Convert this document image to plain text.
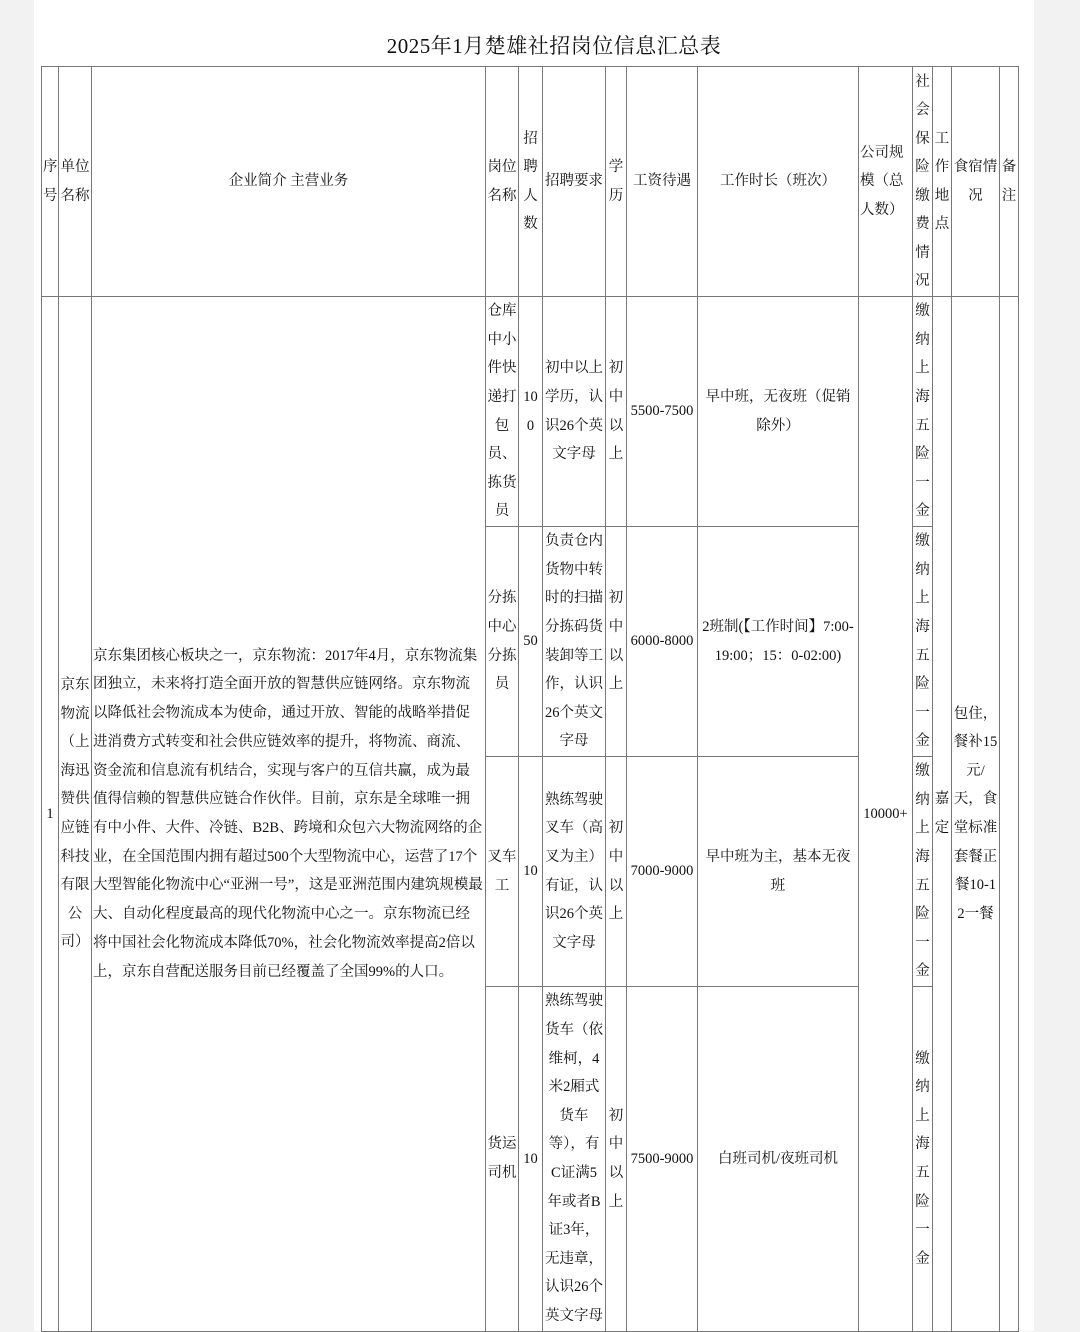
2025年1月楚雄社招岗位信息汇总表
序号	单位名称	企业简介 主营业务	岗位名称	招聘人数	招聘要求	学历	工资待遇	工作时长（班次）	公司规模（总人数）	社会保险缴费情况	工作地点	食宿情况	备注
1	京东物流（上海迅赞供应链科技有限公司）	京东集团核心板块之一，京东物流：2017年4月，京东物流集团独立，未来将打造全面开放的智慧供应链网络。京东物流以降低社会物流成本为使命，通过开放、智能的战略举措促进消费方式转变和社会供应链效率的提升，将物流、商流、资金流和信息流有机结合，实现与客户的互信共赢，成为最值得信赖的智慧供应链合作伙伴。目前，京东是全球唯一拥有中小件、大件、冷链、B2B、跨境和众包六大物流网络的企业，在全国范围内拥有超过500个大型物流中心，运营了17个大型智能化物流中心“亚洲一号”，这是亚洲范围内建筑规模最大、自动化程度最高的现代化物流中心之一。京东物流已经将中国社会化物流成本降低70%，社会化物流效率提高2倍以上，京东自营配送服务目前已经覆盖了全国99%的人口。	仓库中小件快递打包员、拣货员	100	初中以上学历，认识26个英文字母	初中以上	5500-7500	早中班，无夜班（促销除外）	10000+	缴纳上海五险一金	嘉定	包住，餐补15元/天，食堂标准套餐正餐10-12一餐	
			分拣中心分拣员	50	负责仓内货物中转时的扫描分拣码货装卸等工作，认识26个英文字母	初中以上	6000-8000	2班制(【工作时间】7:00-19:00；15：0-02:00)		缴纳上海五险一金			
			叉车工	10	熟练驾驶叉车（高叉为主）有证，认识26个英文字母	初中以上	7000-9000	早中班为主，基本无夜班		缴纳上海五险一金			
			货运司机	10	熟练驾驶货车（依维柯，4米2厢式货车等），有C证满5年或者B证3年，无违章，认识26个英文字母	初中以上	7500-9000	白班司机/夜班司机		缴纳上海五险一金			
